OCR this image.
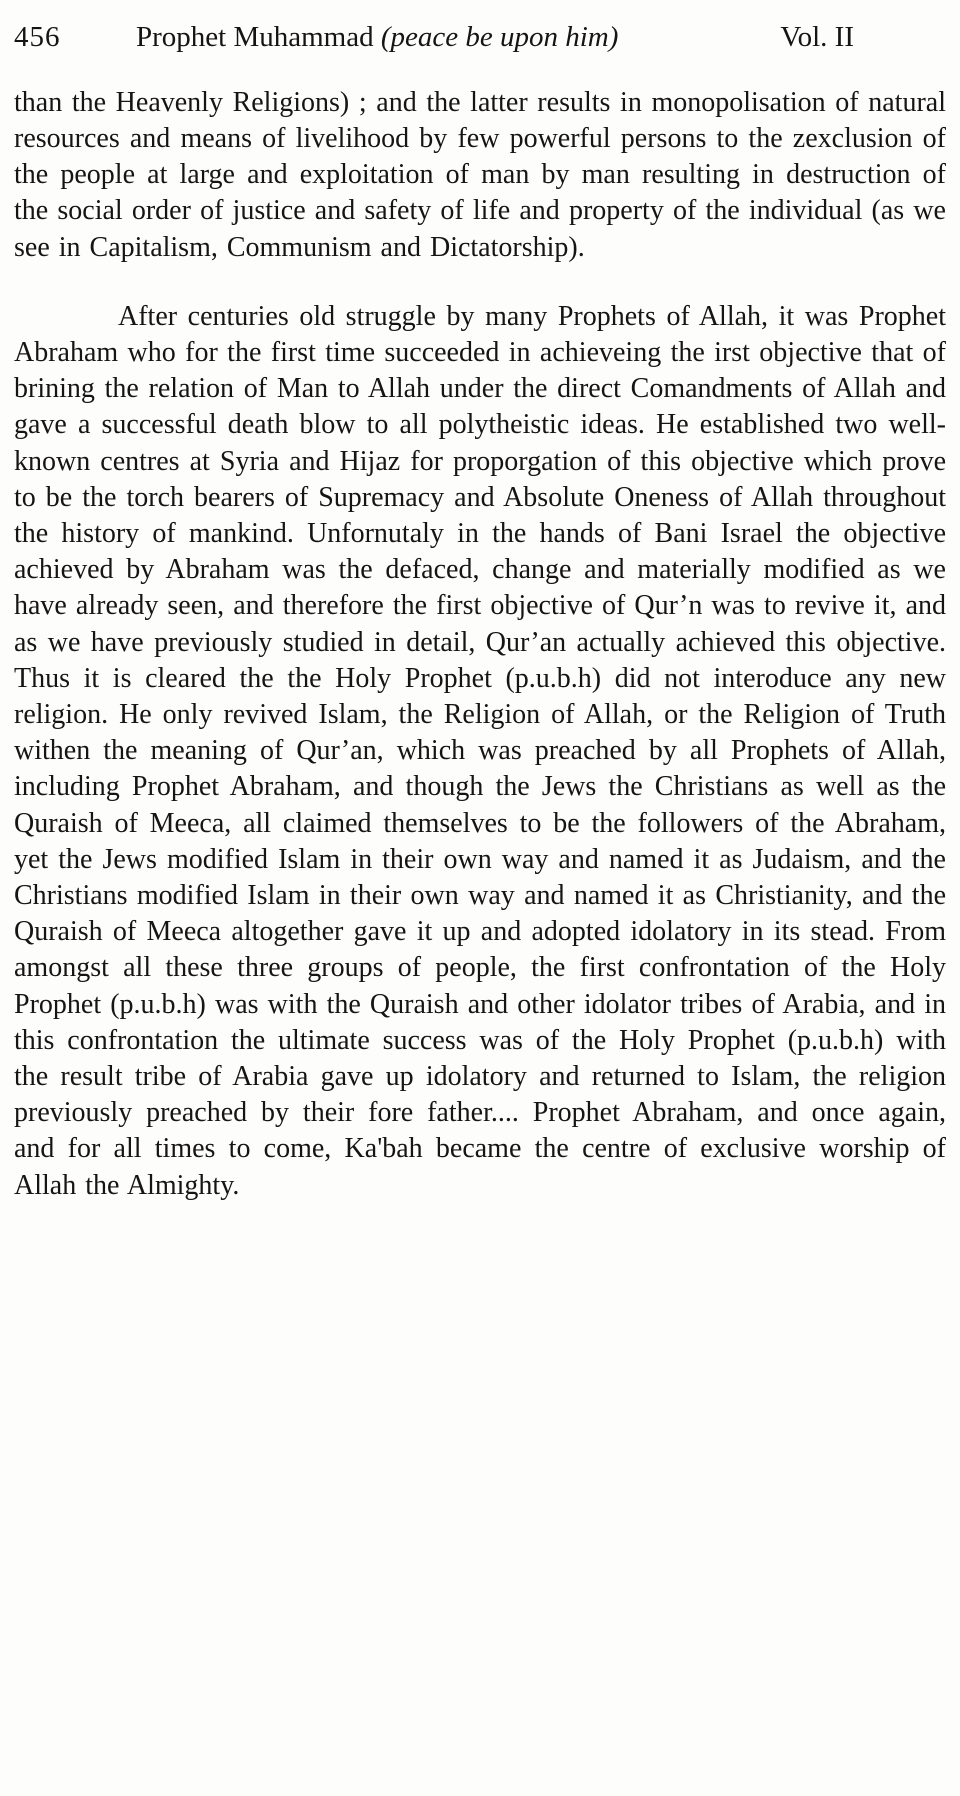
456	Prophet Muhammad (peace be upon him)	Vol. II

than the Heavenly Religions) ; and the latter results in monopolisation of natural resources and means of livelihood by few powerful persons to the zexclusion of the people at large and exploitation of man by man resulting in destruction of the social order of justice and safety of life and property of the individual (as we see in Capitalism, Communism and Dictatorship).

After centuries old struggle by many Prophets of Allah, it was Prophet Abraham who for the first time succeeded in achieveing the irst objective that of brining the relation of Man to Allah under the direct Comandments of Allah and gave a successful death blow to all polytheistic ideas. He established two well-known centres at Syria and Hijaz for proporgation of this objective which prove to be the torch bearers of Supremacy and Absolute Oneness of Allah throughout the history of mankind. Unfornutaly in the hands of Bani Israel the objective achieved by Abraham was the defaced, change and materially modified as we have already seen, and therefore the first objective of Qur’n was to revive it, and as we have previously studied in detail, Qur’an actually achieved this objective. Thus it is cleared the the Holy Prophet (p.u.b.h) did not interoduce any new religion. He only revived Islam, the Religion of Allah, or the Religion of Truth withen the meaning of Qur’an, which was preached by all Prophets of Allah, including Prophet Abraham, and though the Jews the Christians as well as the Quraish of Meeca, all claimed themselves to be the followers of the Abraham, yet the Jews modified Islam in their own way and named it as Judaism, and the Christians modified Islam in their own way and named it as Christianity, and the Quraish of Meeca altogether gave it up and adopted idolatory in its stead. From amongst all these three groups of people, the first confrontation of the Holy Prophet (p.u.b.h) was with the Quraish and other idolator tribes of Arabia, and in this confrontation the ultimate success was of the Holy Prophet (p.u.b.h) with the result tribe of Arabia gave up idolatory and returned to Islam, the religion previously preached by their fore father.... Prophet Abraham, and once again, and for all times to come, Ka'bah became the centre of exclusive worship of Allah the Almighty.
